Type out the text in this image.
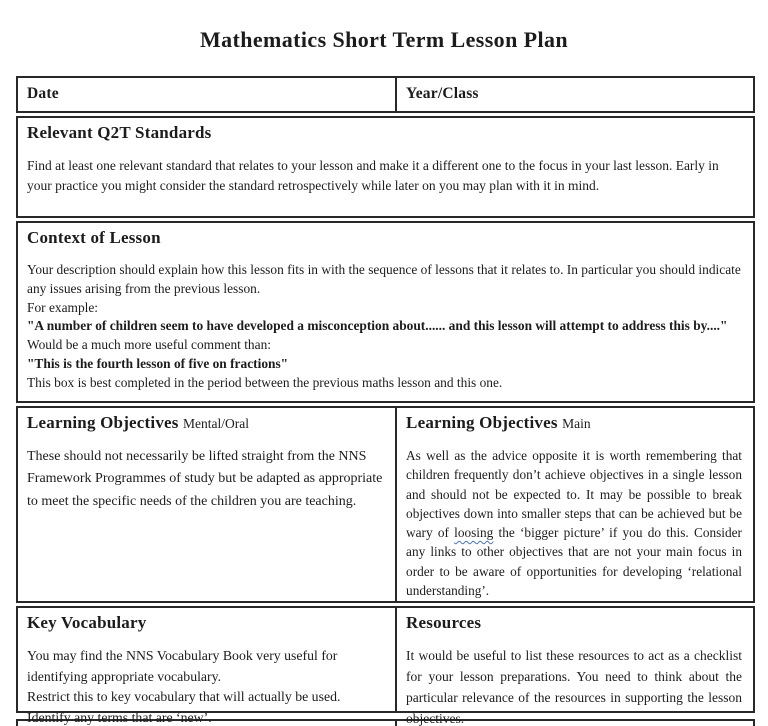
Mathematics Short Term Lesson Plan
Date	Year/Class
Relevant Q2T Standards

Find at least one relevant standard that relates to your lesson and make it a different one to the focus in your last lesson. Early in your practice you might consider the standard retrospectively while later on you may plan with it in mind.

Context of Lesson

Your description should explain how this lesson fits in with the sequence of lessons that it relates to. In particular you should indicate any issues arising from the previous lesson.

For example:

"A number of children seem to have developed a misconception about...... and this lesson will attempt to address this by...."

Would be a much more useful comment than:

"This is the fourth lesson of five on fractions"

This box is best completed in the period between the previous maths lesson and this one.

Learning Objectives Mental/Oral

These should not necessarily be lifted straight from the NNS Framework Programmes of study but be adapted as appropriate to meet the specific needs of the children you are teaching.

Learning Objectives Main

As well as the advice opposite it is worth remembering that children frequently don’t achieve objectives in a single lesson and should not be expected to. It may be possible to break objectives down into smaller steps that can be achieved but be wary of loosing the ‘bigger picture’ if you do this. Consider any links to other objectives that are not your main focus in order to be aware of opportunities for developing ‘relational understanding’.

Key Vocabulary

You may find the NNS Vocabulary Book very useful for identifying appropriate vocabulary.

Restrict this to key vocabulary that will actually be used.

Identify any terms that are ‘new’.

Resources

It would be useful to list these resources to act as a checklist for your lesson preparations. You need to think about the particular relevance of the resources in supporting the lesson objectives.
